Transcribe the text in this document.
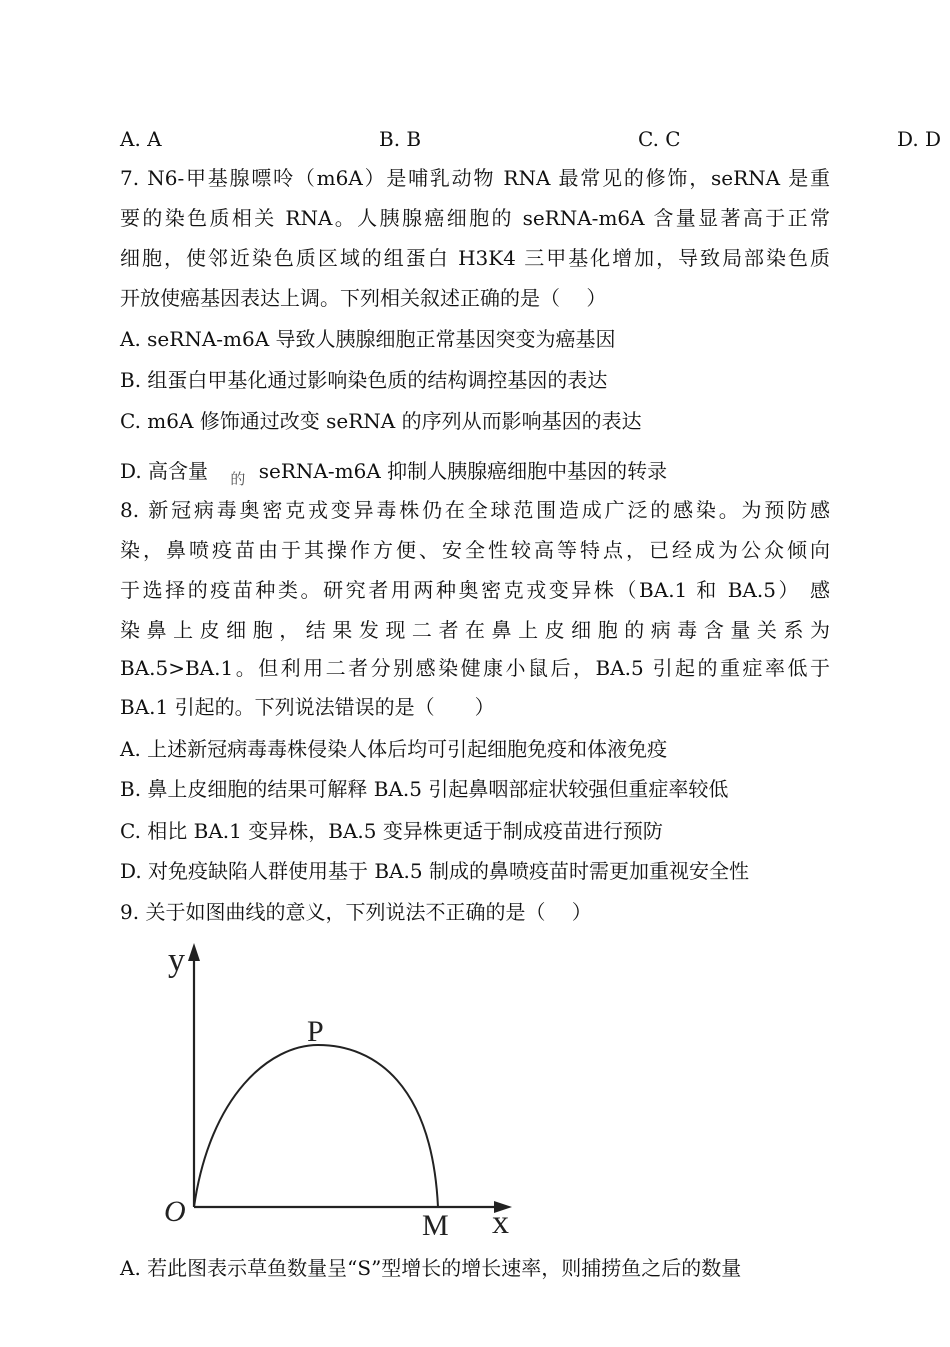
A. A	B. B	C. C	D. D
7. N6-甲基腺嘌呤（m6A）是哺乳动物 RNA 最常见的修饰，seRNA 是重
要的染色质相关 RNA。人胰腺癌细胞的 seRNA-m6A 含量显著高于正常
细胞，使邻近染色质区域的组蛋白 H3K4 三甲基化增加，导致局部染色质
开放使癌基因表达上调。下列相关叙述正确的是（　 ）
A. seRNA-m6A 导致人胰腺细胞正常基因突变为癌基因
B. 组蛋白甲基化通过影响染色质的结构调控基因的表达
C. m6A 修饰通过改变 seRNA 的序列从而影响基因的表达
D. 高含量 的 seRNA-m6A 抑制人胰腺癌细胞中基因的转录
8. 新冠病毒奥密克戎变异毒株仍在全球范围造成广泛的感染。为预防感
染，鼻喷疫苗由于其操作方便、安全性较高等特点，已经成为公众倾向
于选择的疫苗种类。研究者用两种奥密克戎变异株（BA.1 和 BA.5） 感
染鼻上皮细胞，结果发现二者在鼻上皮细胞的病毒含量关系为
BA.5>BA.1。但利用二者分别感染健康小鼠后，BA.5 引起的重症率低于
BA.1 引起的。下列说法错误的是（　　）
A. 上述新冠病毒毒株侵染人体后均可引起细胞免疫和体液免疫
B. 鼻上皮细胞的结果可解释 BA.5 引起鼻咽部症状较强但重症率较低
C. 相比 BA.1 变异株，BA.5 变异株更适于制成疫苗进行预防
D. 对免疫缺陷人群使用基于 BA.5 制成的鼻喷疫苗时需更加重视安全性
9. 关于如图曲线的意义，下列说法不正确的是（　 ）
y
x
O
P
M
A. 若此图表示草鱼数量呈“S”型增长的增长速率，则捕捞鱼之后的数量
